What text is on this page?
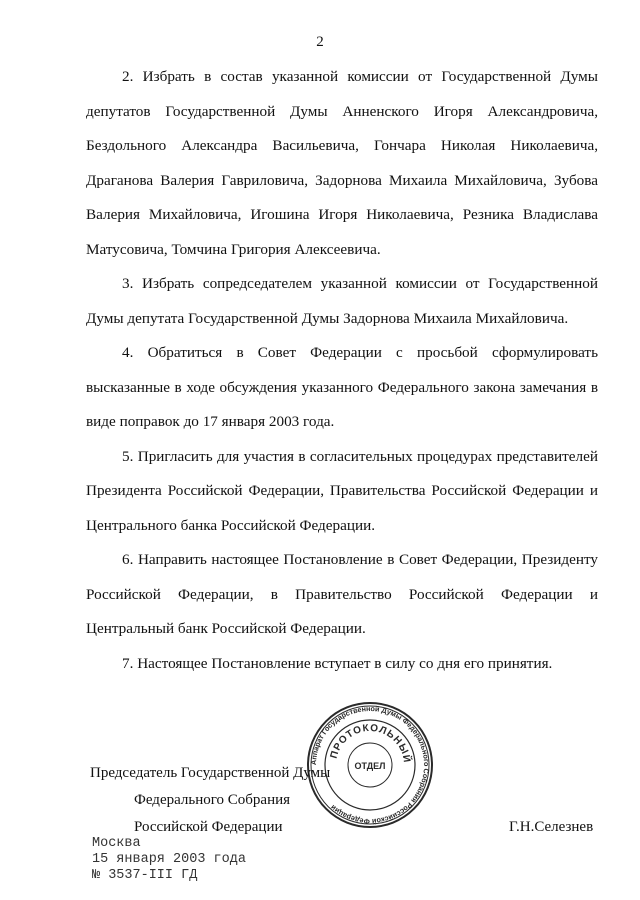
2

2. Избрать в состав указанной комиссии от Государственной Думы депутатов Государственной Думы Анненского Игоря Александровича, Бездольного Александра Васильевича, Гончара Николая Николаевича, Драганова Валерия Гавриловича, Задорнова Михаила Михайловича, Зубова Валерия Михайловича, Игошина Игоря Николаевича, Резника Владислава Матусовича, Томчина Григория Алексеевича.

3. Избрать сопредседателем указанной комиссии от Государственной Думы депутата Государственной Думы Задорнова Михаила Михайловича.

4. Обратиться в Совет Федерации с просьбой сформулировать высказанные в ходе обсуждения указанного Федерального закона замечания в виде поправок до 17 января 2003 года.

5. Пригласить для участия в согласительных процедурах представителей Президента Российской Федерации, Правительства Российской Федерации и Центрального банка Российской Федерации.

6. Направить настоящее Постановление в Совет Федерации, Президенту Российской Федерации, в Правительство Российской Федерации и Центральный банк Российской Федерации.

7. Настоящее Постановление вступает в силу со дня его принятия.

Аппарат Государственной Думы Федерального Собрания Российской Федерации
ПРОТОКОЛЬНЫЙ
ОТДЕЛ
Председатель Государственной Думы
Федерального Собрания
Российской Федерации	Г.Н.Селезнев
Москва
15 января 2003 года
№ 3537-III ГД
